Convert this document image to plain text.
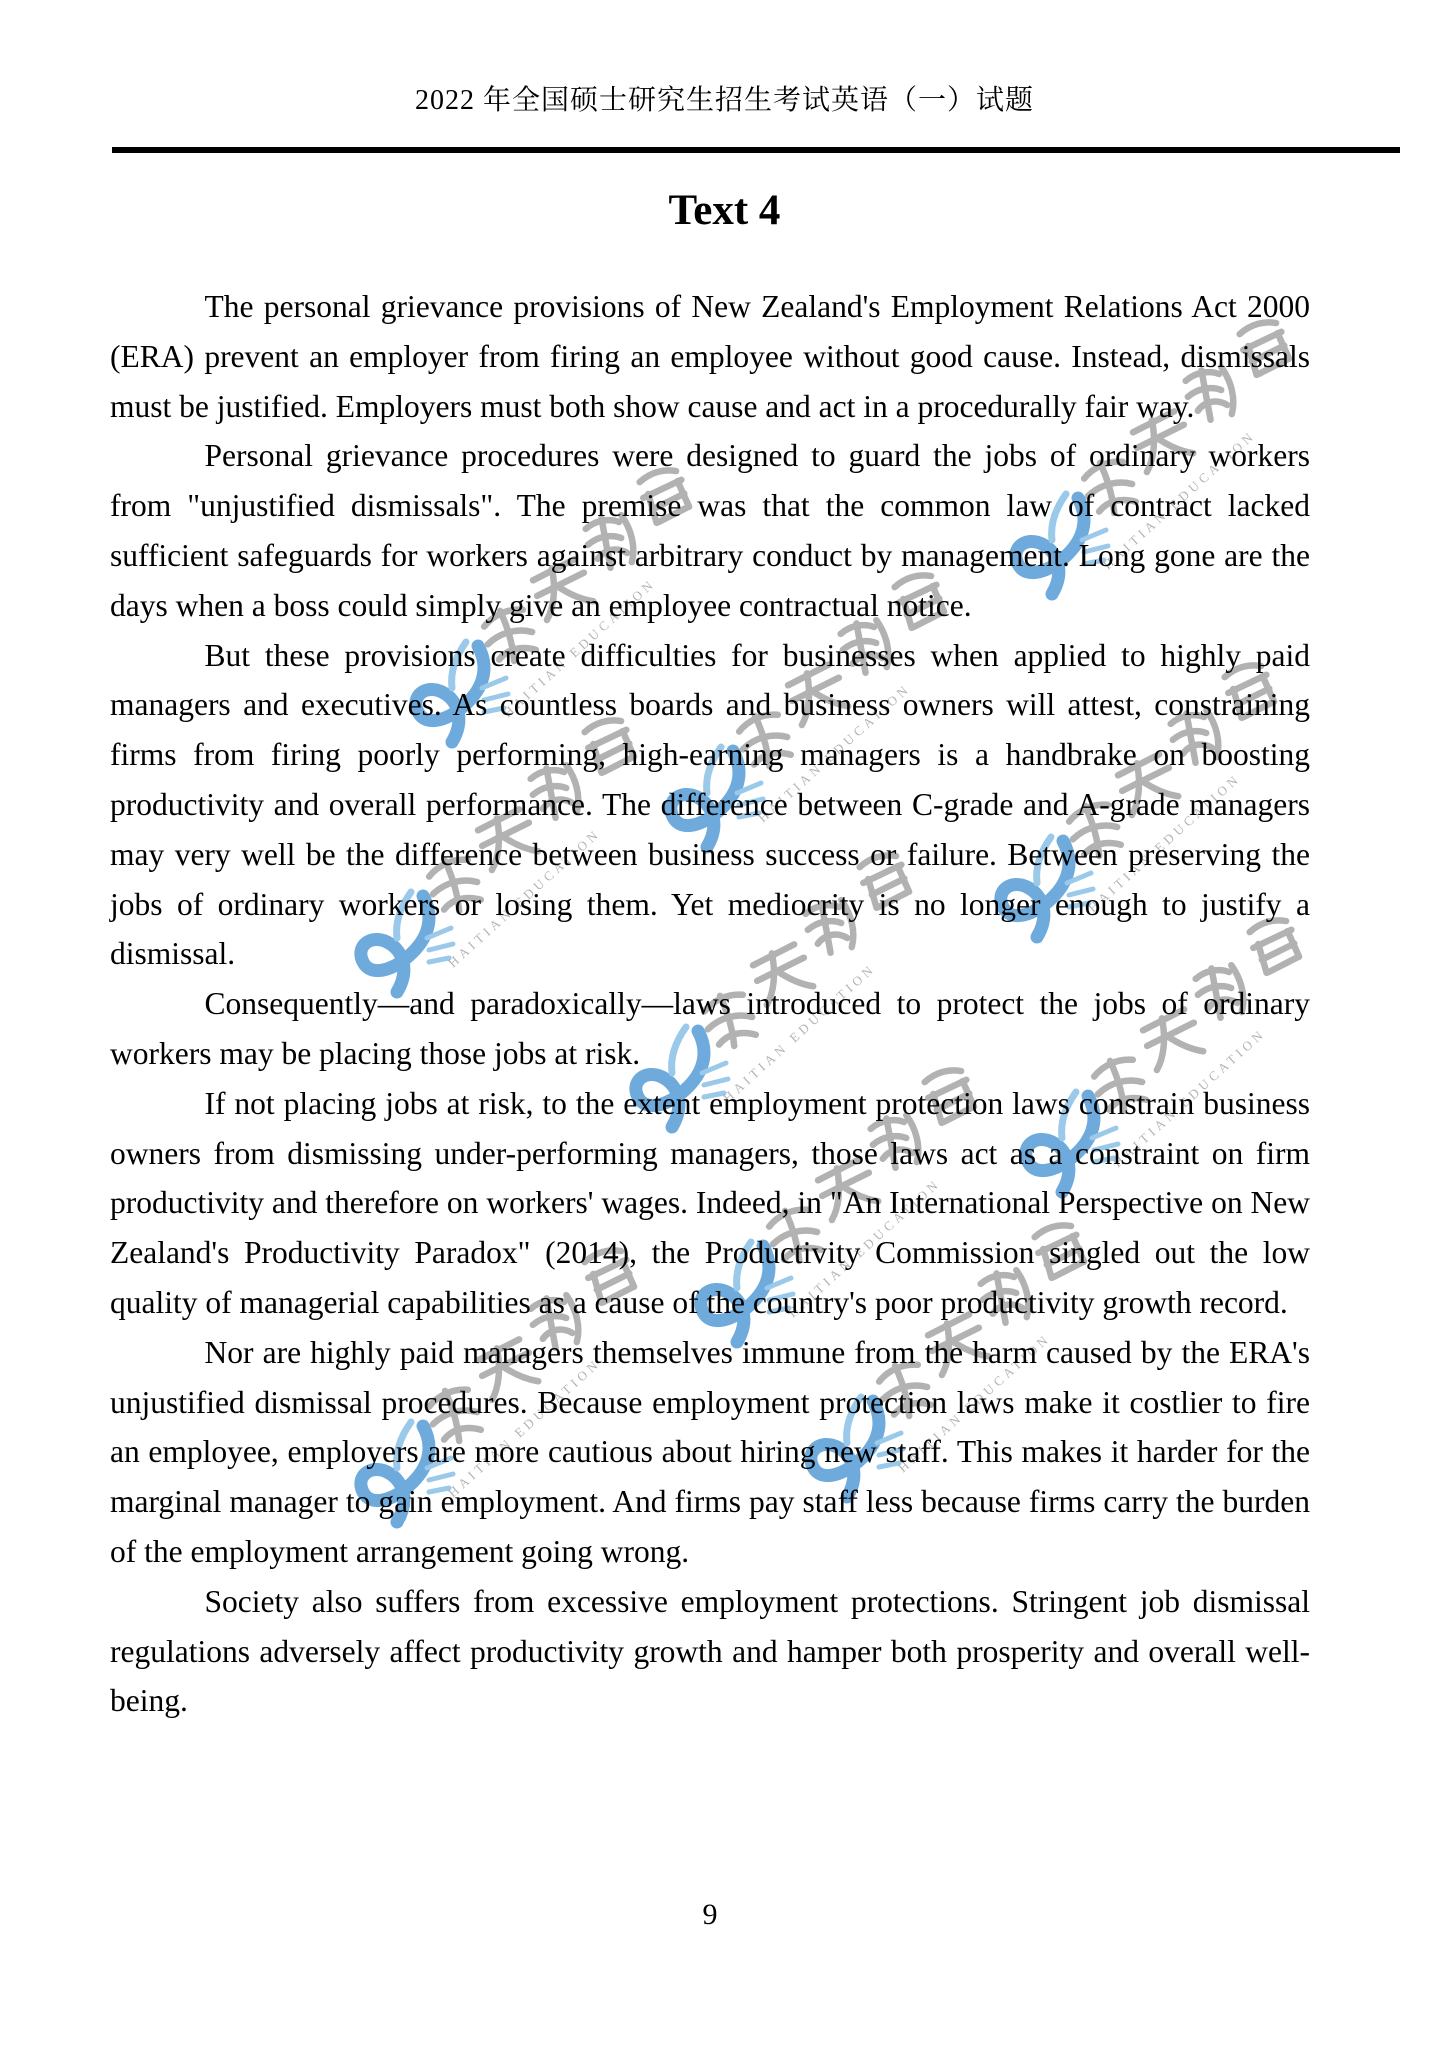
2022 年全国硕士研究生招生考试英语（一）试题
Text 4

The personal grievance provisions of New Zealand's Employment Relations Act 2000 (ERA) prevent an employer from firing an employee without good cause. Instead, dismissals must be justified. Employers must both show cause and act in a procedurally fair way.

Personal grievance procedures were designed to guard the jobs of ordinary workers from "unjustified dismissals". The premise was that the common law of contract lacked sufficient safeguards for workers against arbitrary conduct by management. Long gone are the days when a boss could simply give an employee contractual notice.

But these provisions create difficulties for businesses when applied to highly paid managers and executives. As countless boards and business owners will attest, constraining firms from firing poorly performing, high-earning managers is a handbrake on boosting productivity and overall performance. The difference between C-grade and A-grade managers may very well be the difference between business success or failure. Between preserving the jobs of ordinary workers or losing them. Yet mediocrity is no longer enough to justify a dismissal.

Consequently—and paradoxically—laws introduced to protect the jobs of ordinary workers may be placing those jobs at risk.

If not placing jobs at risk, to the extent employment protection laws constrain business owners from dismissing under-performing managers, those laws act as a constraint on firm productivity and therefore on workers' wages. Indeed, in "An International Perspective on New Zealand's Productivity Paradox" (2014), the Productivity Commission singled out the low quality of managerial capabilities as a cause of the country's poor productivity growth record.

Nor are highly paid managers themselves immune from the harm caused by the ERA's unjustified dismissal procedures. Because employment protection laws make it costlier to fire an employee, employers are more cautious about hiring new staff. This makes it harder for the marginal manager to gain employment. And firms pay staff less because firms carry the burden of the employment arrangement going wrong.

Society also suffers from excessive employment protections. Stringent job dismissal regulations adversely affect productivity growth and hamper both prosperity and overall well-being.

9
HAITIAN EDUCATION
HAITIAN EDUCATION
HAITIAN EDUCATION
HAITIAN EDUCATION
HAITIAN EDUCATION
HAITIAN EDUCATION	HAITIAN EDUCATION
HAITIAN EDUCATION
HAITIAN EDUCATION
HAITIAN EDUCATION
